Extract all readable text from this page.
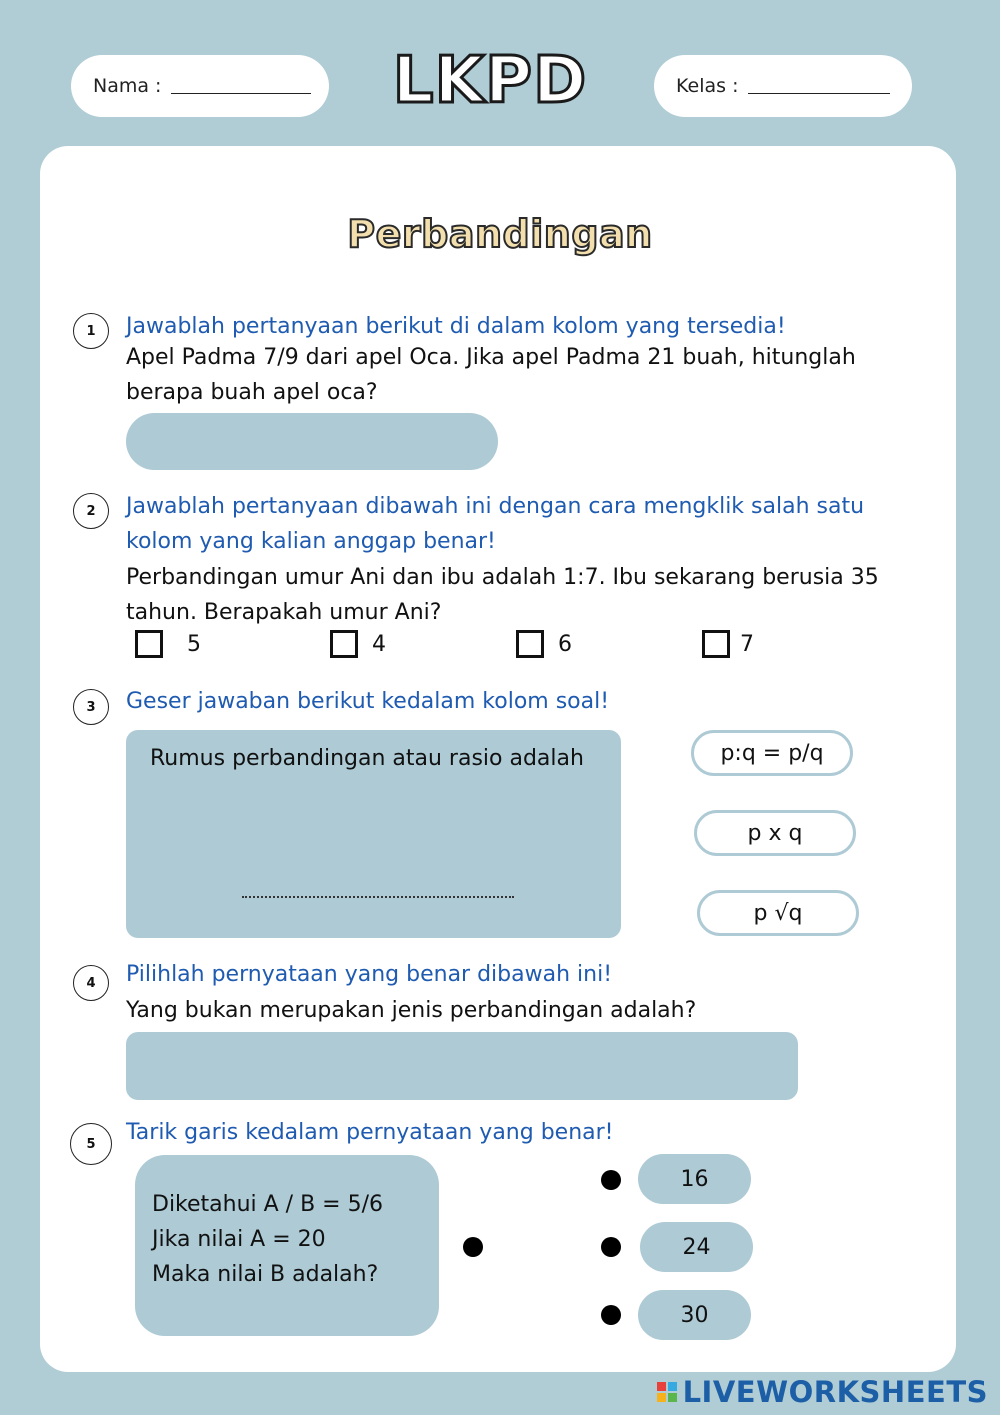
Nama :	LKPD	Kelas :
Perbandingan
1	Jawablah pertanyaan berikut di dalam kolom yang tersedia!
Apel Padma 7/9 dari apel Oca. Jika apel Padma 21 buah, hitunglah
berapa buah apel oca?
2	Jawablah pertanyaan dibawah ini dengan cara mengklik salah satu
kolom yang kalian anggap benar!
Perbandingan umur Ani dan ibu adalah 1:7. Ibu sekarang berusia 35
tahun. Berapakah umur Ani?
5	4	6	7
3	Geser jawaban berikut kedalam kolom soal!
Rumus perbandingan atau rasio adalah	p:q = p/q
p x q
p √q
4	Pilihlah pernyataan yang benar dibawah ini!
Yang bukan merupakan jenis perbandingan adalah?
5	Tarik garis kedalam pernyataan yang benar!
Diketahui A / B = 5/6
Jika nilai A = 20
Maka nilai B adalah?
16
24
30
LIVEWORKSHEETS
